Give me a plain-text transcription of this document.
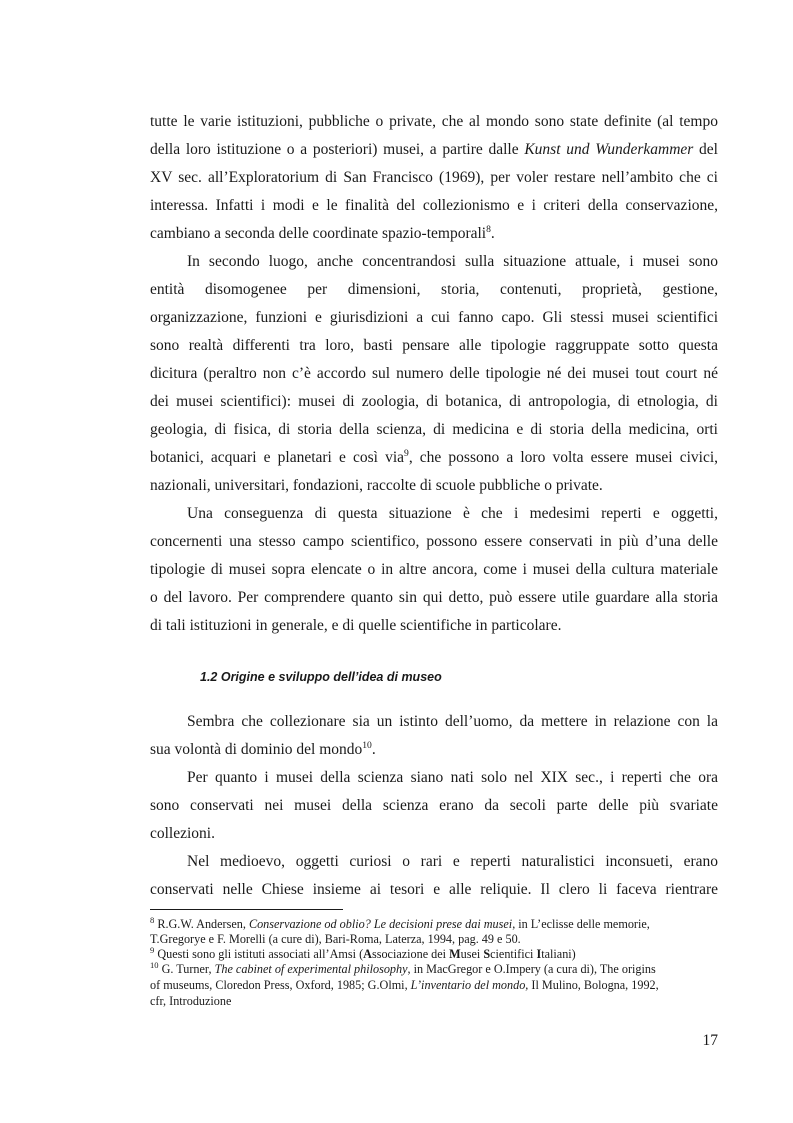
tutte le varie istituzioni, pubbliche o private, che al mondo sono state definite (al tempo
della loro istituzione o a posteriori) musei, a partire dalle Kunst und Wunderkammer del
XV sec. all’Exploratorium di San Francisco (1969), per voler restare nell’ambito che ci
interessa. Infatti i modi e le finalità del collezionismo e i criteri della conservazione,
cambiano a seconda delle coordinate spazio-temporali$^8$.
In secondo luogo, anche concentrandosi sulla situazione attuale, i musei sono
entità disomogenee per dimensioni, storia, contenuti, proprietà, gestione,
organizzazione, funzioni e giurisdizioni a cui fanno capo. Gli stessi musei scientifici
sono realtà differenti tra loro, basti pensare alle tipologie raggruppate sotto questa
dicitura (peraltro non c’è accordo sul numero delle tipologie né dei musei tout court né
dei musei scientifici): musei di zoologia, di botanica, di antropologia, di etnologia, di
geologia, di fisica, di storia della scienza, di medicina e di storia della medicina, orti
botanici, acquari e planetari e così via$^9$, che possono a loro volta essere musei civici,
nazionali, universitari, fondazioni, raccolte di scuole pubbliche o private.
Una conseguenza di questa situazione è che i medesimi reperti e oggetti,
concernenti una stesso campo scientifico, possono essere conservati in più d’una delle
tipologie di musei sopra elencate o in altre ancora, come i musei della cultura materiale
o del lavoro. Per comprendere quanto sin qui detto, può essere utile guardare alla storia
di tali istituzioni in generale, e di quelle scientifiche in particolare.
1.2 Origine e sviluppo dell’idea di museo
Sembra che collezionare sia un istinto dell’uomo, da mettere in relazione con la
sua volontà di dominio del mondo$^{10}$.
Per quanto i musei della scienza siano nati solo nel XIX sec., i reperti che ora
sono conservati nei musei della scienza erano da secoli parte delle più svariate
collezioni.
Nel medioevo, oggetti curiosi o rari e reperti naturalistici inconsueti, erano
conservati nelle Chiese insieme ai tesori e alle reliquie. Il clero li faceva rientrare
$^8$ R.G.W. Andersen, Conservazione od oblio? Le decisioni prese dai musei, in L’eclisse delle memorie,
T.Gregorye e F. Morelli (a cure di), Bari-Roma, Laterza, 1994, pag. 49 e 50.
$^9$ Questi sono gli istituti associati all’Amsi (Associazione dei Musei Scientifici Italiani)
$^{10}$ G. Turner, The cabinet of experimental philosophy, in MacGregor e O.Impery (a cura di), The origins
of museums, Cloredon Press, Oxford, 1985; G.Olmi, L’inventario del mondo, Il Mulino, Bologna, 1992,
cfr, Introduzione
17
